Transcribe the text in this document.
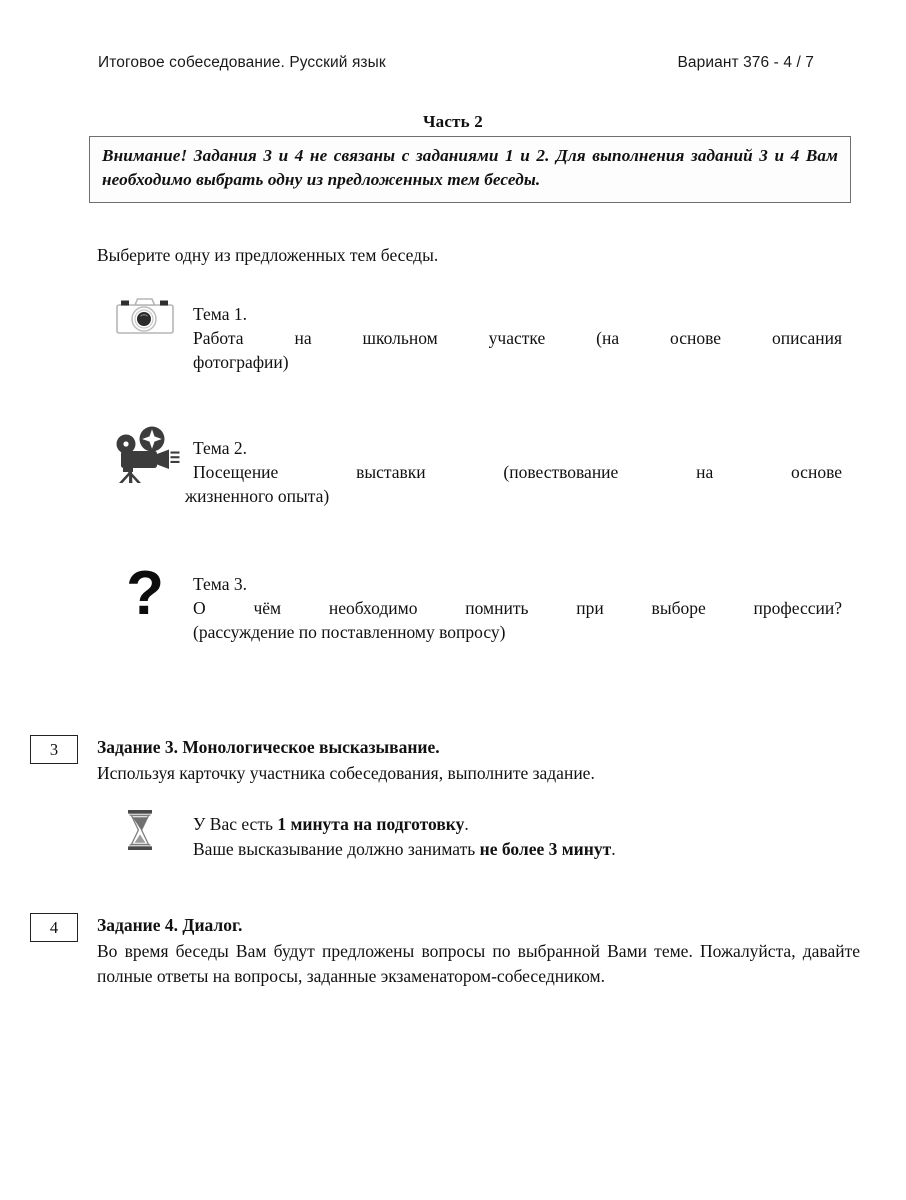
Итоговое собеседование. Русский язык	Вариант 376 - 4 / 7
Часть 2
Внимание! Задания 3 и 4 не связаны с заданиями 1 и 2. Для выполнения заданий 3 и 4 Вам необходимо выбрать одну из предложенных тем беседы.
Выберите одну из предложенных тем беседы.
Тема 1.
Работа на школьном участке (на основе описания
фотографии)
Тема 2.
Посещение выставки (повествование на основе
жизненного опыта)
? Тема 3.
О чём необходимо помнить при выборе профессии?
(рассуждение по поставленному вопросу)
3	Задание 3. Монологическое высказывание.
Используя карточку участника собеседования, выполните задание.
У Вас есть 1 минута на подготовку.
Ваше высказывание должно занимать не более 3 минут.
4	Задание 4. Диалог.
Во время беседы Вам будут предложены вопросы по выбранной Вами теме. Пожалуйста, давайте полные ответы на вопросы, заданные экзаменатором-собеседником.
